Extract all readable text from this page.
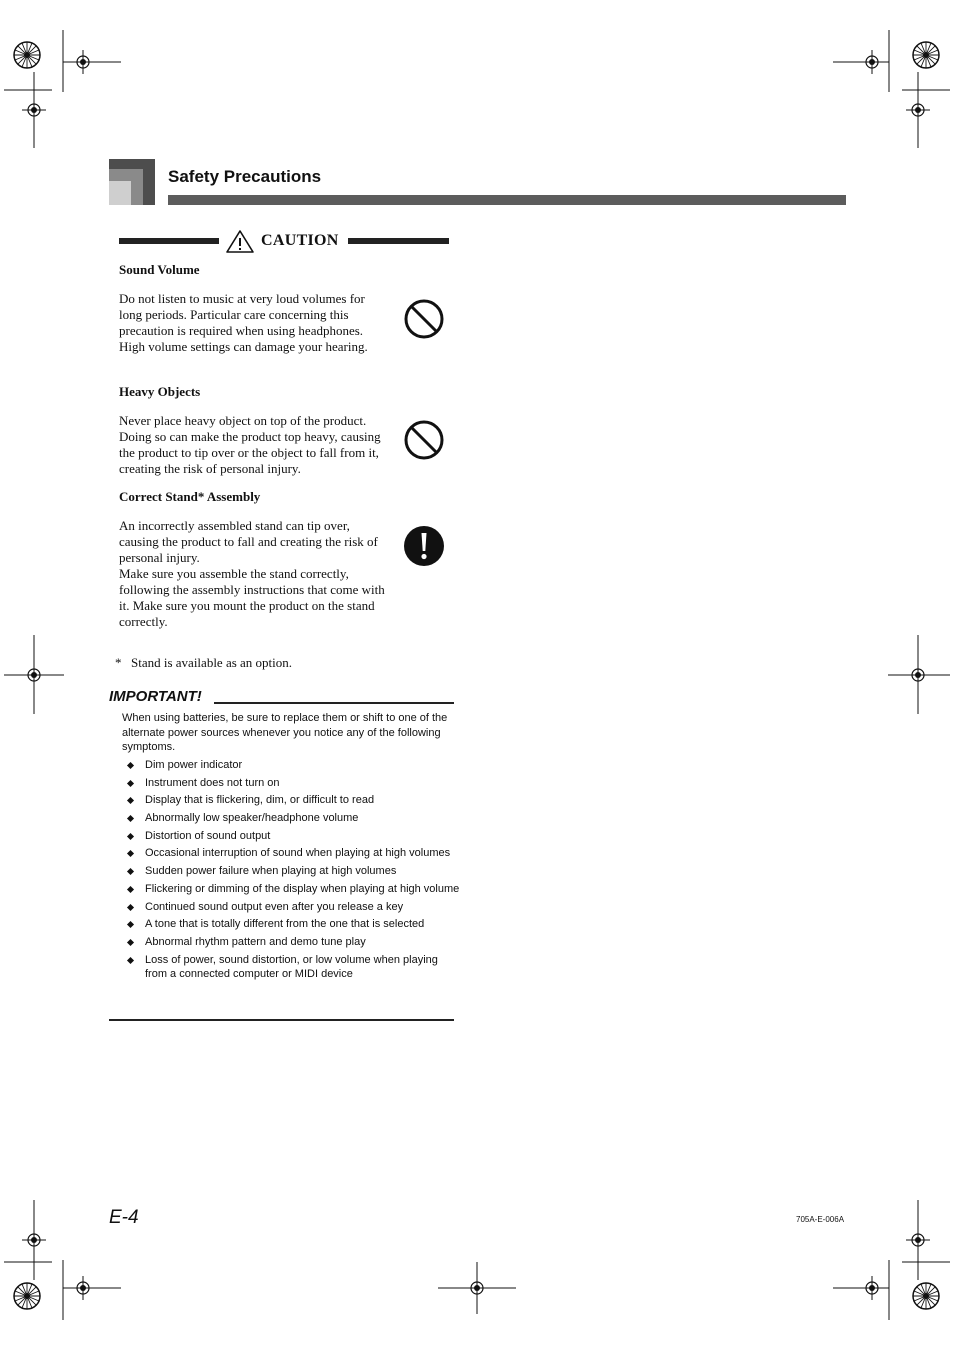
Safety Precautions
CAUTION
Sound Volume

Do not listen to music at very loud volumes for long periods. Particular care concerning this precaution is required when using headphones. High volume settings can damage your hearing.

Heavy Objects

Never place heavy object on top of the product. Doing so can make the product top heavy, causing the product to tip over or the object to fall from it, creating the risk of personal injury.

Correct Stand* Assembly

An incorrectly assembled stand can tip over, causing the product to fall and creating the risk of personal injury.

Make sure you assemble the stand correctly, following the assembly instructions that come with it. Make sure you mount the product on the stand correctly.

* Stand is available as an option.
IMPORTANT!
When using batteries, be sure to replace them or shift to one of the alternate power sources whenever you notice any of the following symptoms.
Dim power indicator
Instrument does not turn on
Display that is flickering, dim, or difficult to read
Abnormally low speaker/headphone volume
Distortion of sound output
Occasional interruption of sound when playing at high volumes
Sudden power failure when playing at high volumes
Flickering or dimming of the display when playing at high volume
Continued sound output even after you release a key
A tone that is totally different from the one that is selected
Abnormal rhythm pattern and demo tune play
Loss of power, sound distortion, or low volume when playing from a connected computer or MIDI device
E-4	705A-E-006A
